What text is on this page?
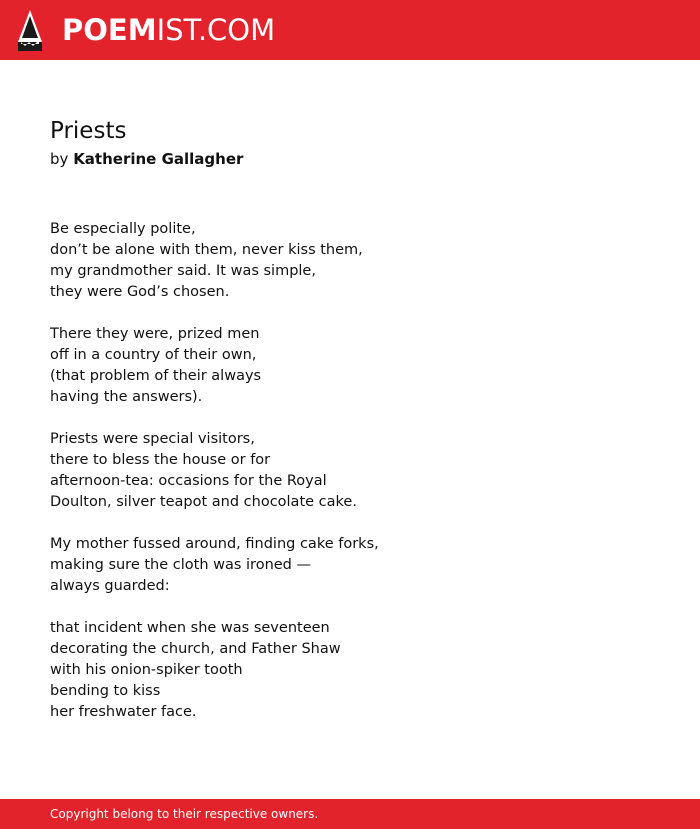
POEMIST.COM
Priests
by Katherine Gallagher
Be especially polite,
don’t be alone with them, never kiss them,
my grandmother said. It was simple,
they were God’s chosen.
There they were, prized men
off in a country of their own,
(that problem of their always
having the answers).
Priests were special visitors,
there to bless the house or for
afternoon-tea: occasions for the Royal
Doulton, silver teapot and chocolate cake.
My mother fussed around, finding cake forks,
making sure the cloth was ironed —
always guarded:
that incident when she was seventeen
decorating the church, and Father Shaw
with his onion-spiker tooth
bending to kiss
her freshwater face.
Copyright belong to their respective owners.
